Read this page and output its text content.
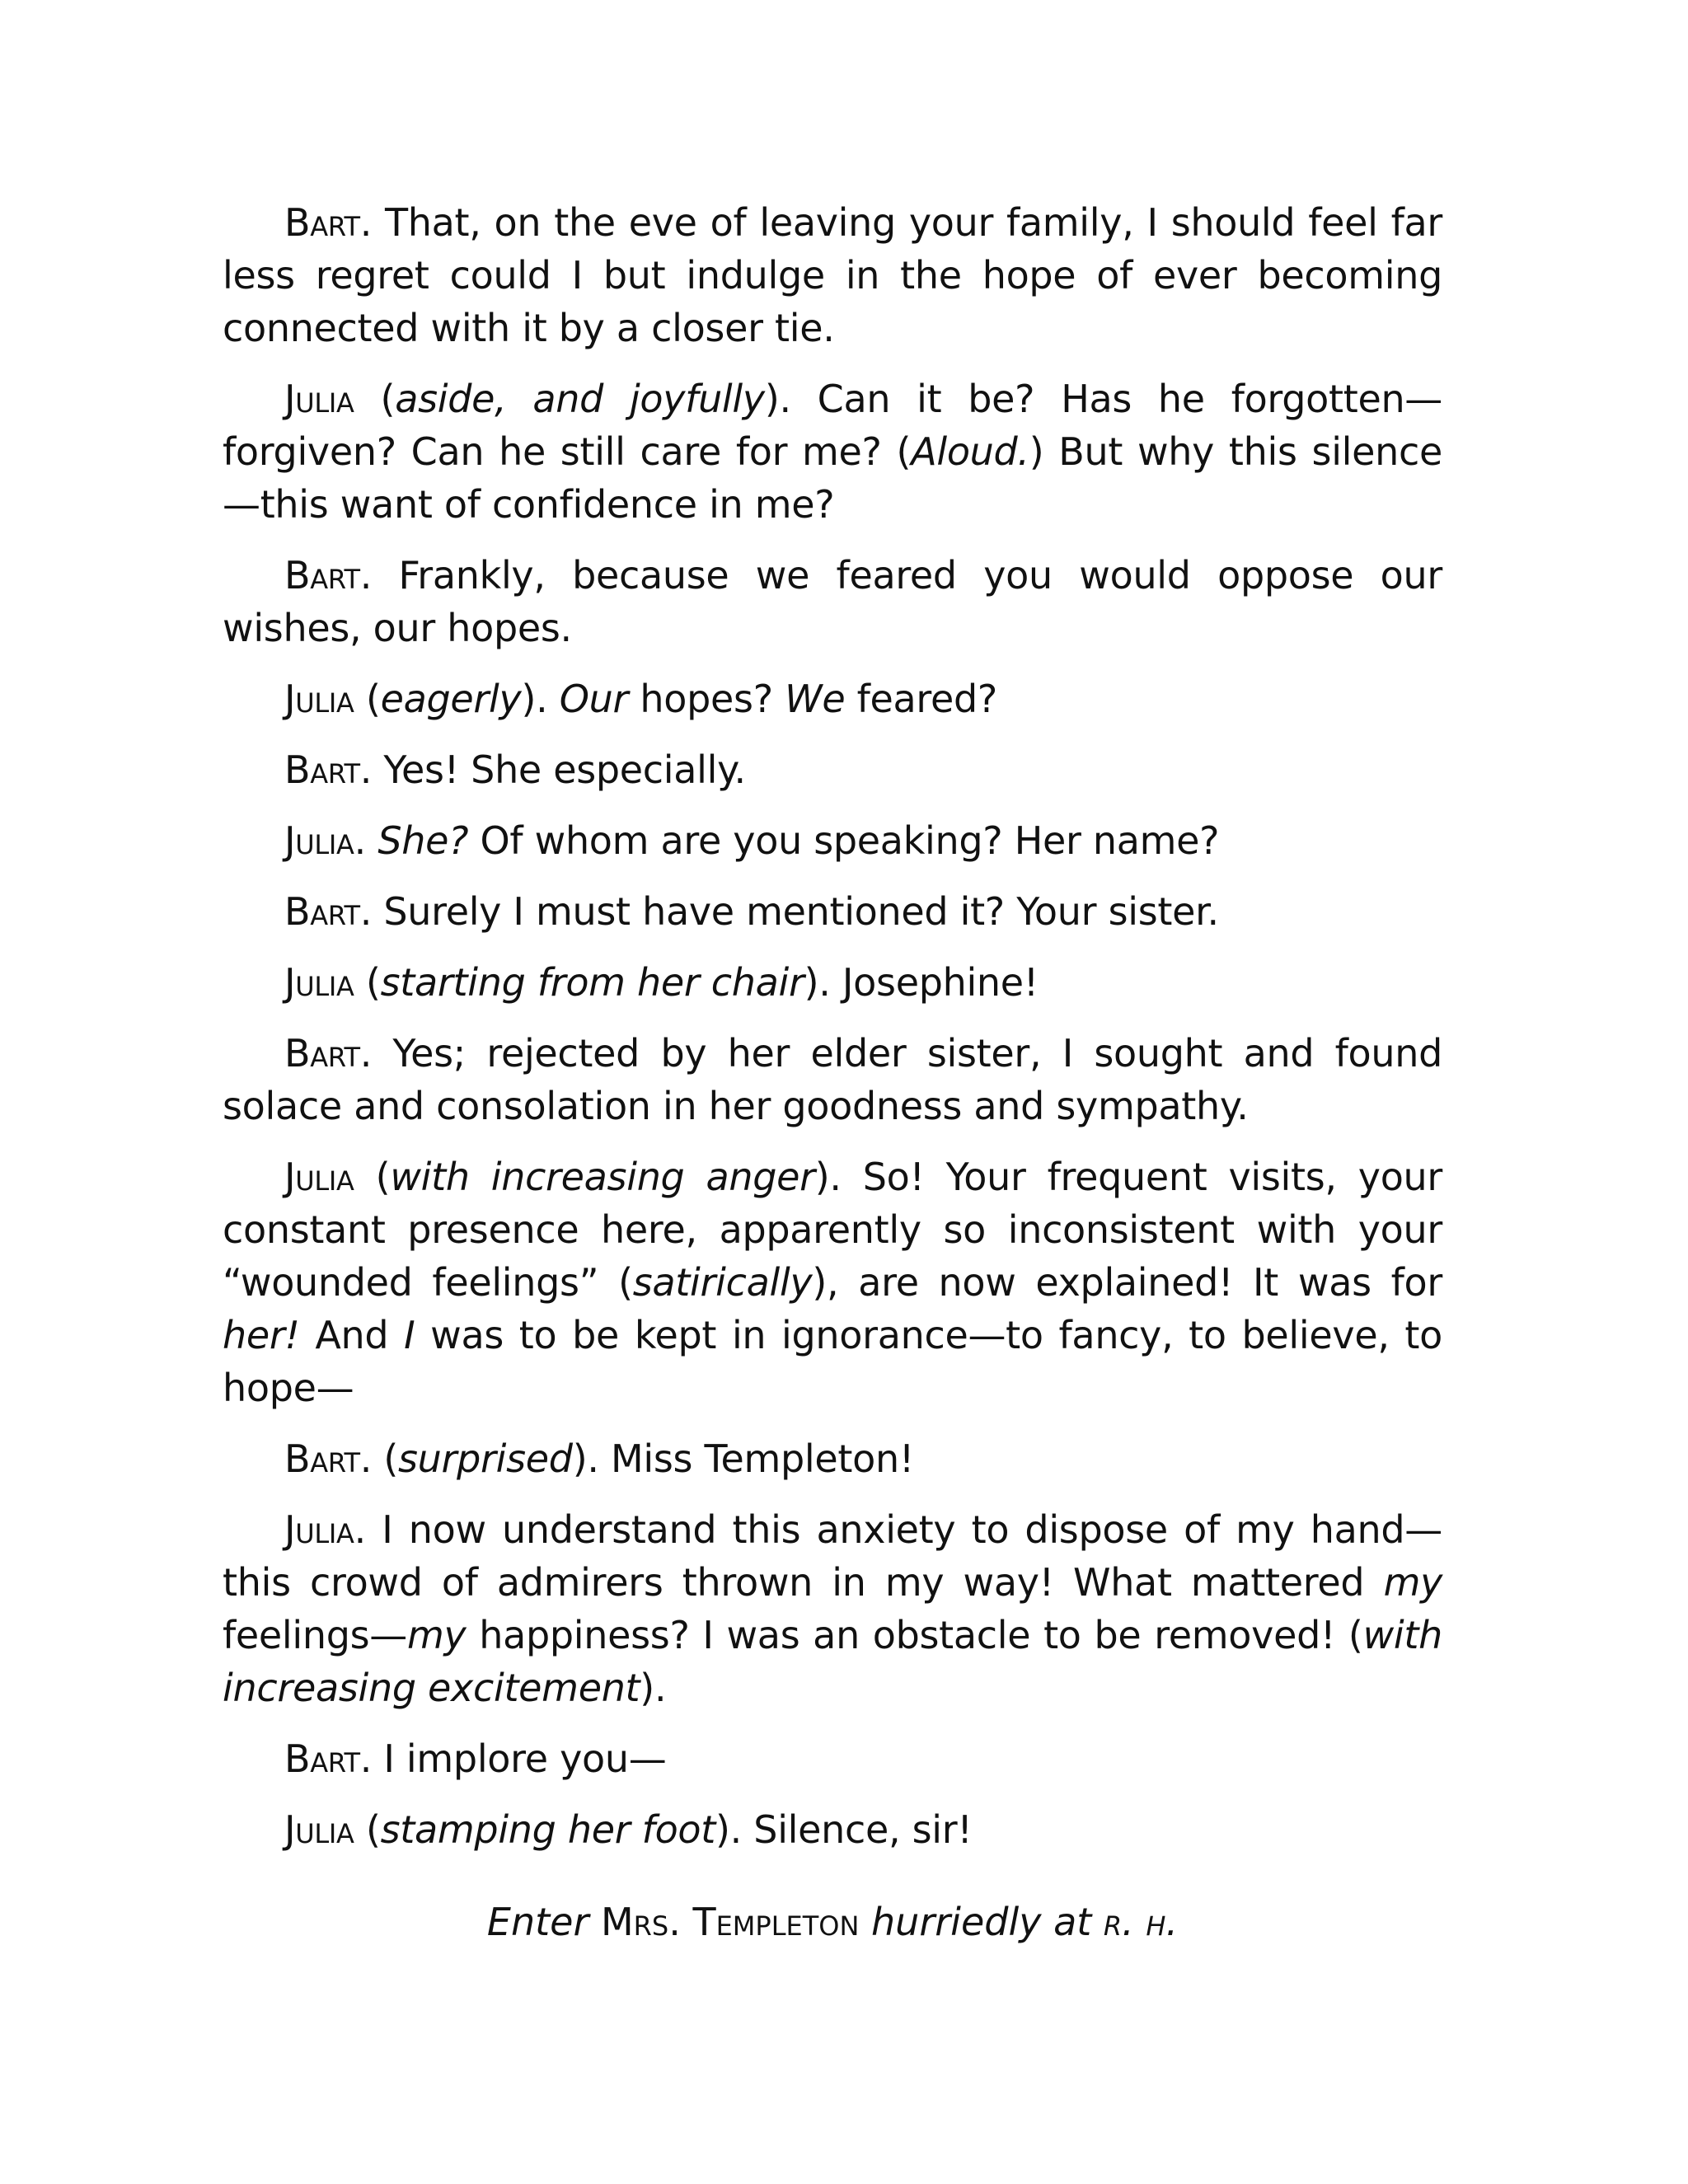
Bart. That, on the eve of leaving your family, I should feel far less regret could I but indulge in the hope of ever becoming connected with it by a closer tie.

Julia (aside, and joyfully). Can it be? Has he forgotten—forgiven? Can he still care for me? (Aloud.) But why this silence—this want of confidence in me?

Bart. Frankly, because we feared you would oppose our wishes, our hopes.

Julia (eagerly). Our hopes? We feared?

Bart. Yes! She especially.

Julia. She? Of whom are you speaking? Her name?

Bart. Surely I must have mentioned it? Your sister.

Julia (starting from her chair). Josephine!

Bart. Yes; rejected by her elder sister, I sought and found solace and consolation in her goodness and sympathy.

Julia (with increasing anger). So! Your frequent visits, your constant presence here, apparently so inconsistent with your “wounded feelings” (satirically), are now explained! It was for her! And I was to be kept in ignorance—to fancy, to believe, to hope—

Bart. (surprised). Miss Templeton!

Julia. I now understand this anxiety to dispose of my hand—this crowd of admirers thrown in my way! What mattered my feelings—my happiness? I was an obstacle to be removed! (with increasing excitement).

Bart. I implore you—

Julia (stamping her foot). Silence, sir!

Enter Mrs. Templeton hurriedly at r. h.
